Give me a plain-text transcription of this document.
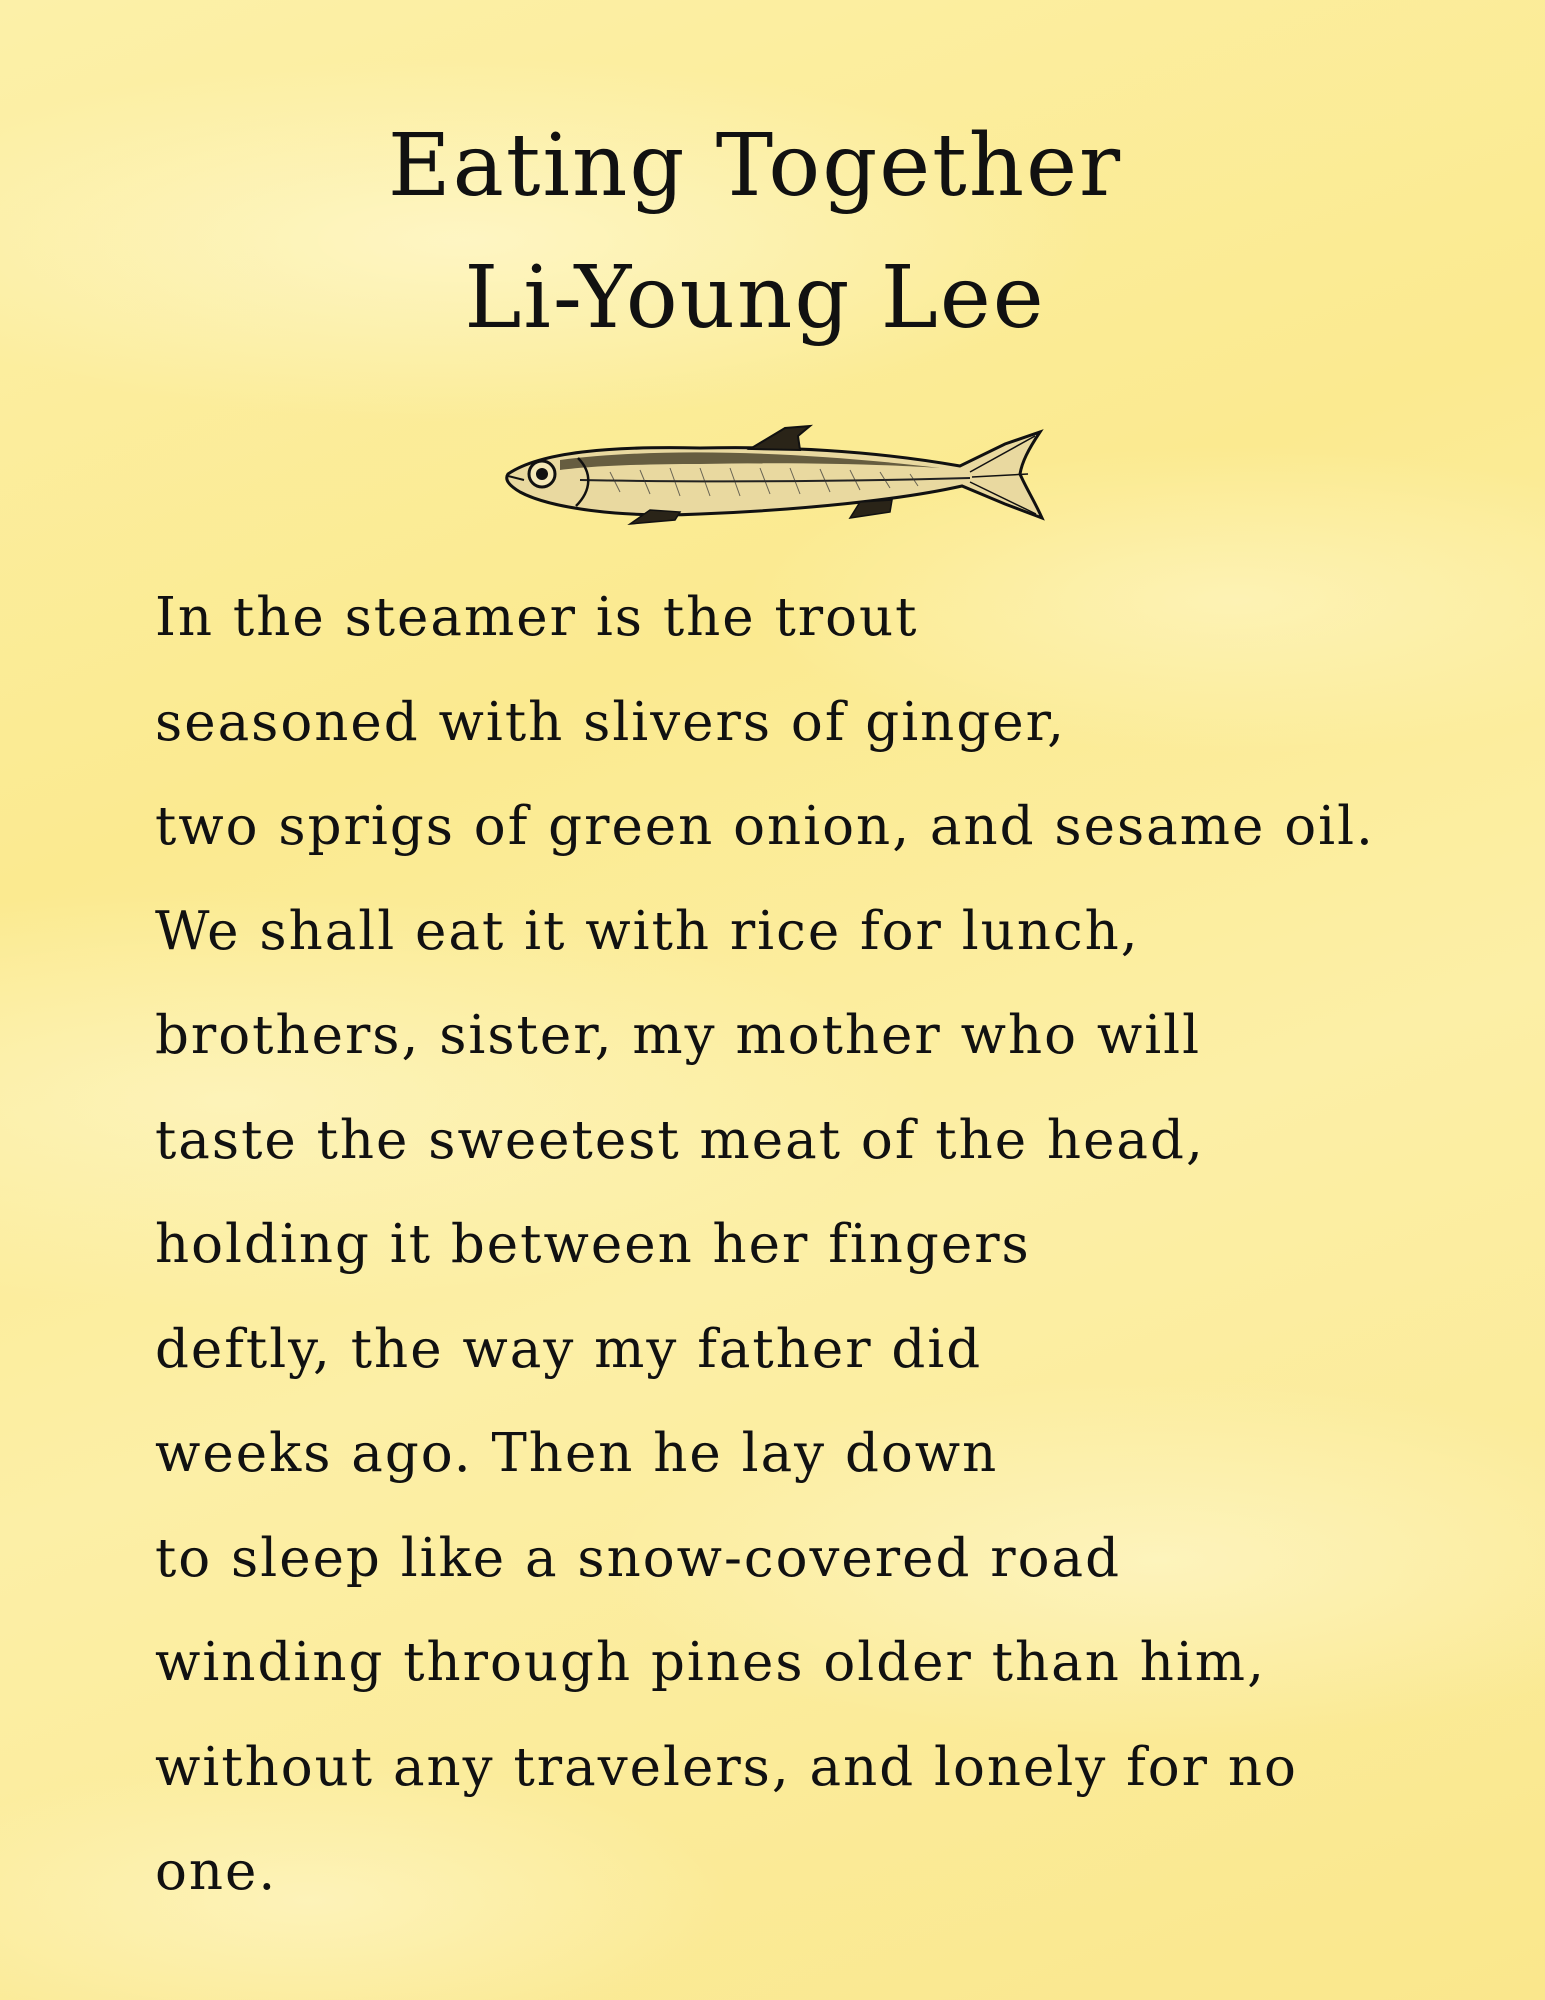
Eating Together
Li-Young Lee
In the steamer is the trout
seasoned with slivers of ginger,
two sprigs of green onion, and sesame oil.
We shall eat it with rice for lunch,
brothers, sister, my mother who will
taste the sweetest meat of the head,
holding it between her fingers
deftly, the way my father did
weeks ago. Then he lay down
to sleep like a snow-covered road
winding through pines older than him,
without any travelers, and lonely for no
one.
